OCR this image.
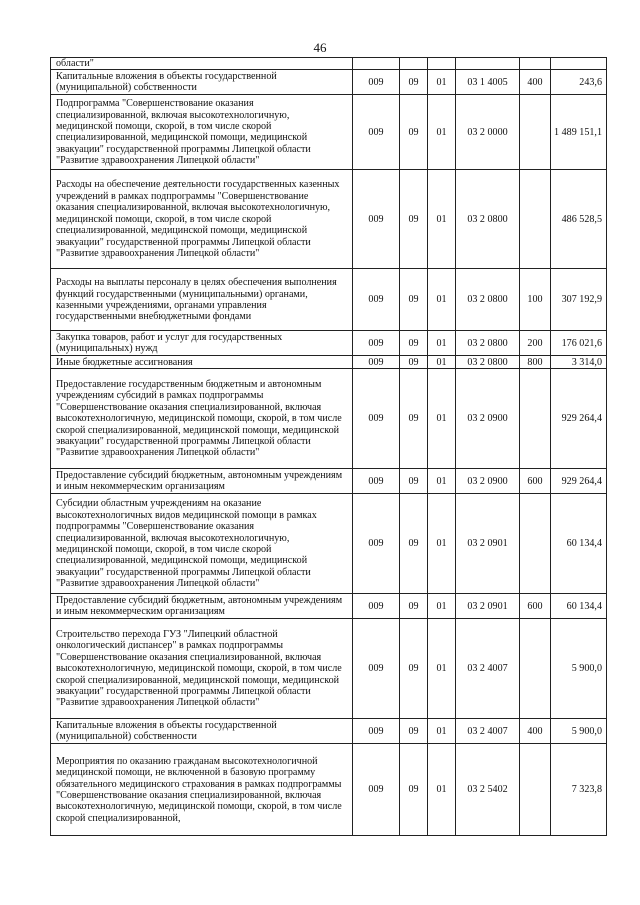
46
области"						
Капитальные вложения в объекты государственной (муниципальной) собственности	009	09	01	03 1 4005	400	243,6
Подпрограмма "Совершенствование оказания специализированной, включая высокотехнологичную, медицинской помощи, скорой, в том числе скорой специализированной, медицинской помощи, медицинской эвакуации" государственной программы Липецкой области "Развитие здравоохранения Липецкой области"	009	09	01	03 2 0000		1 489 151,1
Расходы на обеспечение деятельности государственных казенных учреждений в рамках подпрограммы "Совершенствование оказания специализированной, включая высокотехнологичную, медицинской помощи, скорой, в том числе скорой специализированной, медицинской помощи, медицинской эвакуации" государственной программы Липецкой области "Развитие здравоохранения Липецкой области"	009	09	01	03 2 0800		486 528,5
Расходы на выплаты персоналу в целях обеспечения выполнения функций государственными (муниципальными) органами, казенными учреждениями, органами управления государственными внебюджетными фондами	009	09	01	03 2 0800	100	307 192,9
Закупка товаров, работ и услуг для государственных (муниципальных) нужд	009	09	01	03 2 0800	200	176 021,6
Иные бюджетные ассигнования	009	09	01	03 2 0800	800	3 314,0
Предоставление государственным бюджетным и автономным учреждениям субсидий в рамках подпрограммы "Совершенствование оказания специализированной, включая высокотехнологичную, медицинской помощи, скорой, в том числе скорой специализированной, медицинской помощи, медицинской эвакуации" государственной программы Липецкой области "Развитие здравоохранения Липецкой области"	009	09	01	03 2 0900		929 264,4
Предоставление субсидий бюджетным, автономным учреждениям и иным некоммерческим организациям	009	09	01	03 2 0900	600	929 264,4
Субсидии областным учреждениям на оказание высокотехнологичных видов медицинской помощи в рамках подпрограммы "Совершенствование оказания специализированной, включая высокотехнологичную, медицинской помощи, скорой, в том числе скорой специализированной, медицинской помощи, медицинской эвакуации" государственной программы Липецкой области "Развитие здравоохранения Липецкой области"	009	09	01	03 2 0901		60 134,4
Предоставление субсидий бюджетным, автономным учреждениям и иным некоммерческим организациям	009	09	01	03 2 0901	600	60 134,4
Строительство перехода ГУЗ "Липецкий областной онкологический диспансер" в рамках подпрограммы "Совершенствование оказания специализированной, включая высокотехнологичную, медицинской помощи, скорой, в том числе скорой специализированной, медицинской помощи, медицинской эвакуации" государственной программы Липецкой области "Развитие здравоохранения Липецкой области"	009	09	01	03 2 4007		5 900,0
Капитальные вложения в объекты государственной (муниципальной) собственности	009	09	01	03 2 4007	400	5 900,0
Мероприятия по оказанию гражданам высокотехнологичной медицинской помощи, не включенной в базовую программу обязательного медицинского страхования в рамках подпрограммы "Совершенствование оказания специализированной, включая высокотехнологичную, медицинской помощи, скорой, в том числе скорой специализированной,	009	09	01	03 2 5402		7 323,8
